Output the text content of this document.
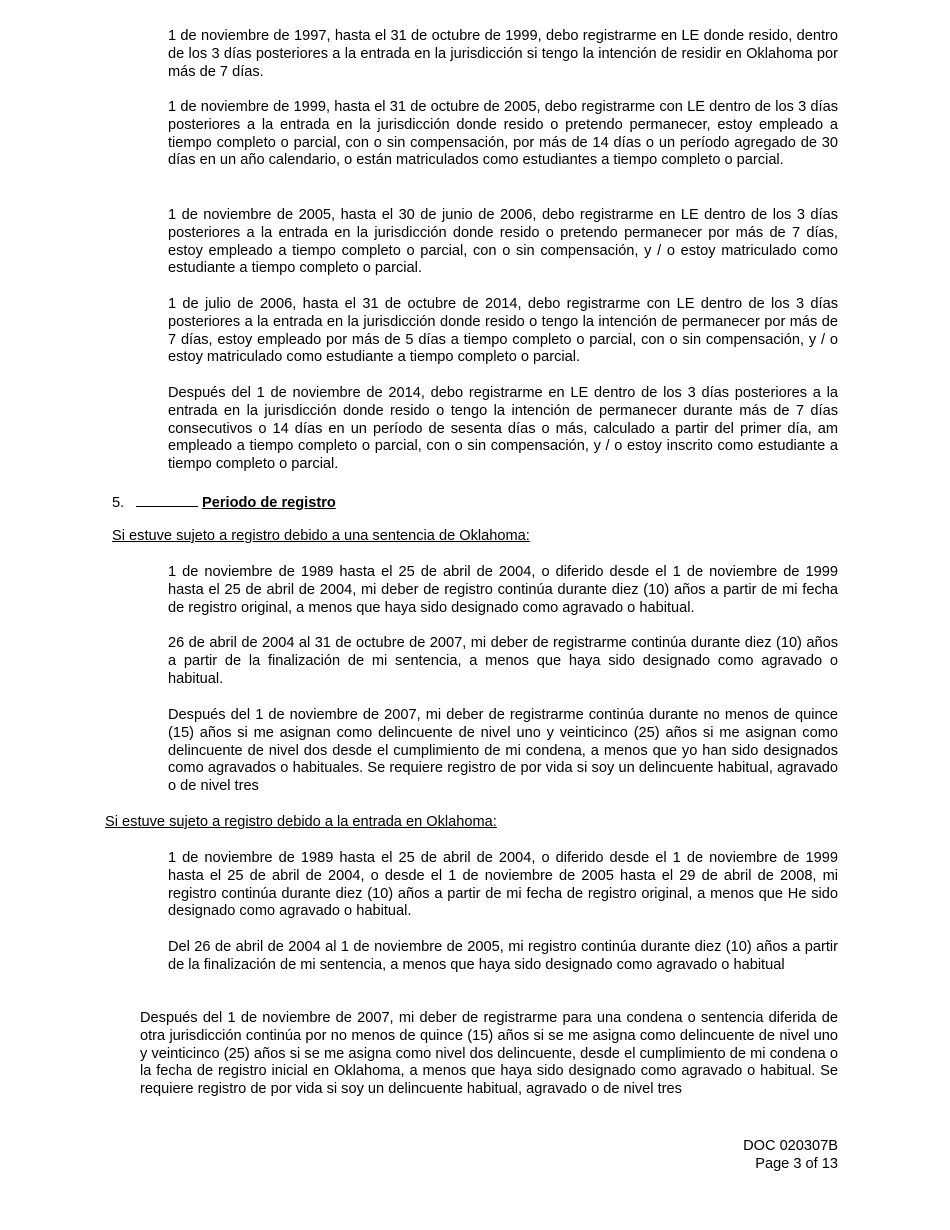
1 de noviembre de 1997, hasta el 31 de octubre de 1999, debo registrarme en LE donde resido, dentro de los 3 días posteriores a la entrada en la jurisdicción si tengo la intención de residir en Oklahoma por más de 7 días.

1 de noviembre de 1999, hasta el 31 de octubre de 2005, debo registrarme con LE dentro de los 3 días posteriores a la entrada en la jurisdicción donde resido o pretendo permanecer, estoy empleado a tiempo completo o parcial, con o sin compensación, por más de 14 días o un período agregado de 30 días en un año calendario, o están matriculados como estudiantes a tiempo completo o parcial.

1 de noviembre de 2005, hasta el 30 de junio de 2006, debo registrarme en LE dentro de los 3 días posteriores a la entrada en la jurisdicción donde resido o pretendo permanecer por más de 7 días, estoy empleado a tiempo completo o parcial, con o sin compensación, y / o estoy matriculado como estudiante a tiempo completo o parcial.

1 de julio de 2006, hasta el 31 de octubre de 2014, debo registrarme con LE dentro de los 3 días posteriores a la entrada en la jurisdicción donde resido o tengo la intención de permanecer por más de 7 días, estoy empleado por más de 5 días a tiempo completo o parcial, con o sin compensación, y / o estoy matriculado como estudiante a tiempo completo o parcial.

Después del 1 de noviembre de 2014, debo registrarme en LE dentro de los 3 días posteriores a la entrada en la jurisdicción donde resido o tengo la intención de permanecer durante más de 7 días consecutivos o 14 días en un período de sesenta días o más, calculado a partir del primer día, am empleado a tiempo completo o parcial, con o sin compensación, y / o estoy inscrito como estudiante a tiempo completo o parcial.

5.	Periodo de registro
Si estuve sujeto a registro debido a una sentencia de Oklahoma:

1 de noviembre de 1989 hasta el 25 de abril de 2004, o diferido desde el 1 de noviembre de 1999 hasta el 25 de abril de 2004, mi deber de registro continúa durante diez (10) años a partir de mi fecha de registro original, a menos que haya sido designado como agravado o habitual.

26 de abril de 2004 al 31 de octubre de 2007, mi deber de registrarme continúa durante diez (10) años a partir de la finalización de mi sentencia, a menos que haya sido designado como agravado o habitual.

Después del 1 de noviembre de 2007, mi deber de registrarme continúa durante no menos de quince (15) años si me asignan como delincuente de nivel uno y veinticinco (25) años si me asignan como delincuente de nivel dos desde el cumplimiento de mi condena, a menos que yo han sido designados como agravados o habituales. Se requiere registro de por vida si soy un delincuente habitual, agravado o de nivel tres

Si estuve sujeto a registro debido a la entrada en Oklahoma:

1 de noviembre de 1989 hasta el 25 de abril de 2004, o diferido desde el 1 de noviembre de 1999 hasta el 25 de abril de 2004, o desde el 1 de noviembre de 2005 hasta el 29 de abril de 2008, mi registro continúa durante diez (10) años a partir de mi fecha de registro original, a menos que He sido designado como agravado o habitual.

Del 26 de abril de 2004 al 1 de noviembre de 2005, mi registro continúa durante diez (10) años a partir de la finalización de mi sentencia, a menos que haya sido designado como agravado o habitual

Después del 1 de noviembre de 2007, mi deber de registrarme para una condena o sentencia diferida de otra jurisdicción continúa por no menos de quince (15) años si se me asigna como delincuente de nivel uno y veinticinco (25) años si se me asigna como nivel dos delincuente, desde el cumplimiento de mi condena o la fecha de registro inicial en Oklahoma, a menos que haya sido designado como agravado o habitual. Se requiere registro de por vida si soy un delincuente habitual, agravado o de nivel tres

DOC 020307B
Page 3 of 13
